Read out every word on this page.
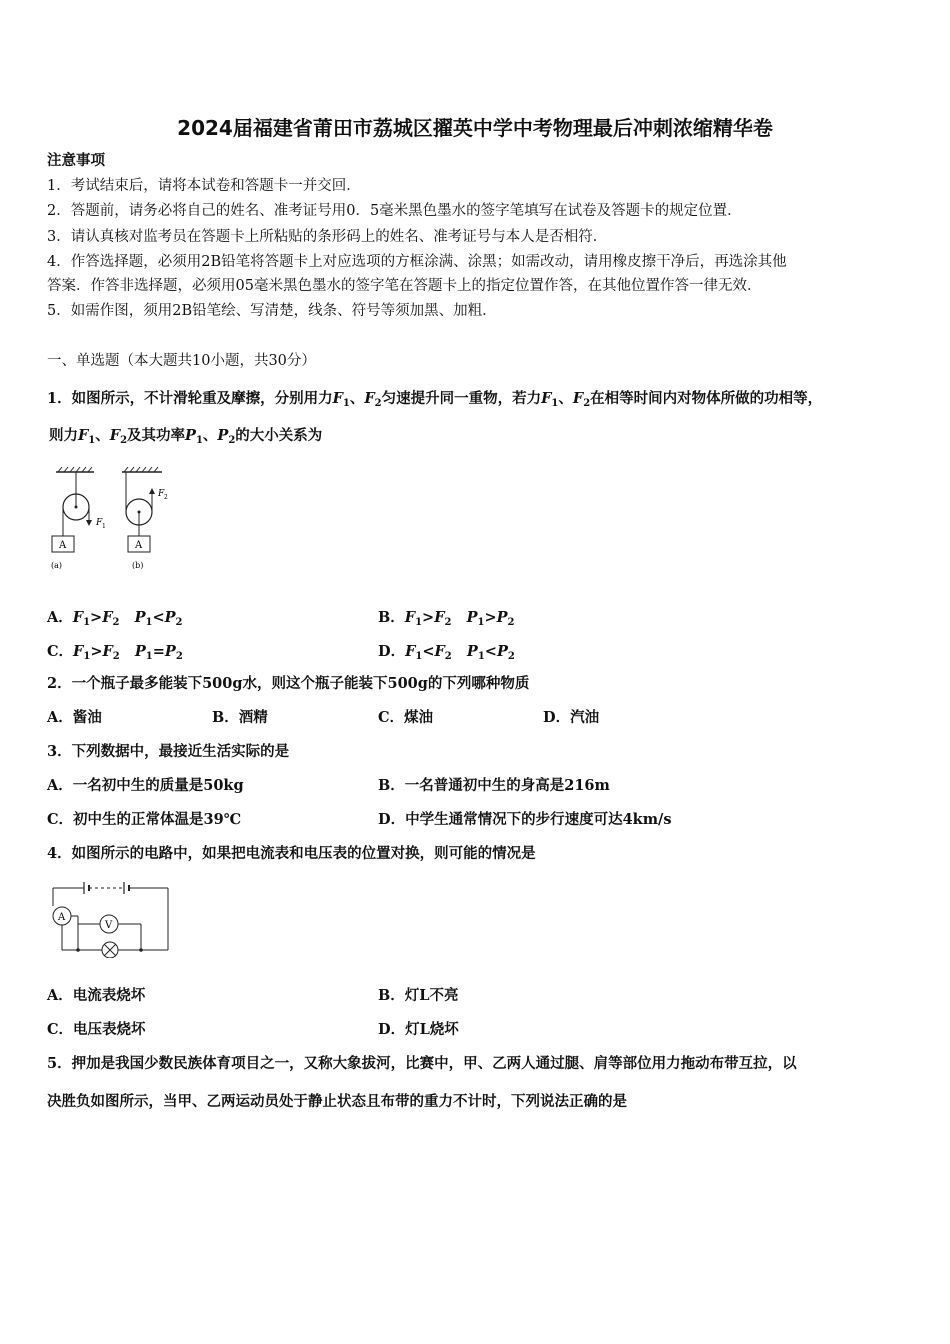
2024届福建省莆田市荔城区擢英中学中考物理最后冲刺浓缩精华卷
注意事项
1．考试结束后，请将本试卷和答题卡一并交回．
2．答题前，请务必将自己的姓名、准考证号用0．5毫米黑色墨水的签字笔填写在试卷及答题卡的规定位置．
3．请认真核对监考员在答题卡上所粘贴的条形码上的姓名、准考证号与本人是否相符．
4．作答选择题，必须用2B铅笔将答题卡上对应选项的方框涂满、涂黑；如需改动，请用橡皮擦干净后，再选涂其他
答案．作答非选择题，必须用05毫米黑色墨水的签字笔在答题卡上的指定位置作答，在其他位置作答一律无效．
5．如需作图，须用2B铅笔绘、写清楚，线条、符号等须加黑、加粗．
一、单选题（本大题共10小题，共30分）
1．如图所示，不计滑轮重及摩擦，分别用力$F_1$、$F_2$匀速提升同一重物，若力$F_1$、$F_2$在相等时间内对物体所做的功相等，
则力$F_1$、$F_2$及其功率$P_1$、$P_2$的大小关系为
F 1
A
(a)
F 2
A
(b)
A．$F_1>F_2$ $P_1<P_2$	B．$F_1>F_2$ $P_1>P_2$
C．$F_1>F_2$ $P_1=P_2$	D．$F_1<F_2$ $P_1<P_2$
2．一个瓶子最多能装下500g水，则这个瓶子能装下500g的下列哪种物质
A．酱油	B．酒精	C．煤油	D．汽油
3．下列数据中，最接近生活实际的是
A．一名初中生的质量是50kg	B．一名普通初中生的身高是216m
C．初中生的正常体温是39℃	D．中学生通常情况下的步行速度可达4km/s
4．如图所示的电路中，如果把电流表和电压表的位置对换，则可能的情况是
A
V
A．电流表烧坏	B．灯L不亮
C．电压表烧坏	D．灯L烧坏
5．押加是我国少数民族体育项目之一，又称大象拔河，比赛中，甲、乙两人通过腿、肩等部位用力拖动布带互拉，以
决胜负如图所示，当甲、乙两运动员处于静止状态且布带的重力不计时，下列说法正确的是
